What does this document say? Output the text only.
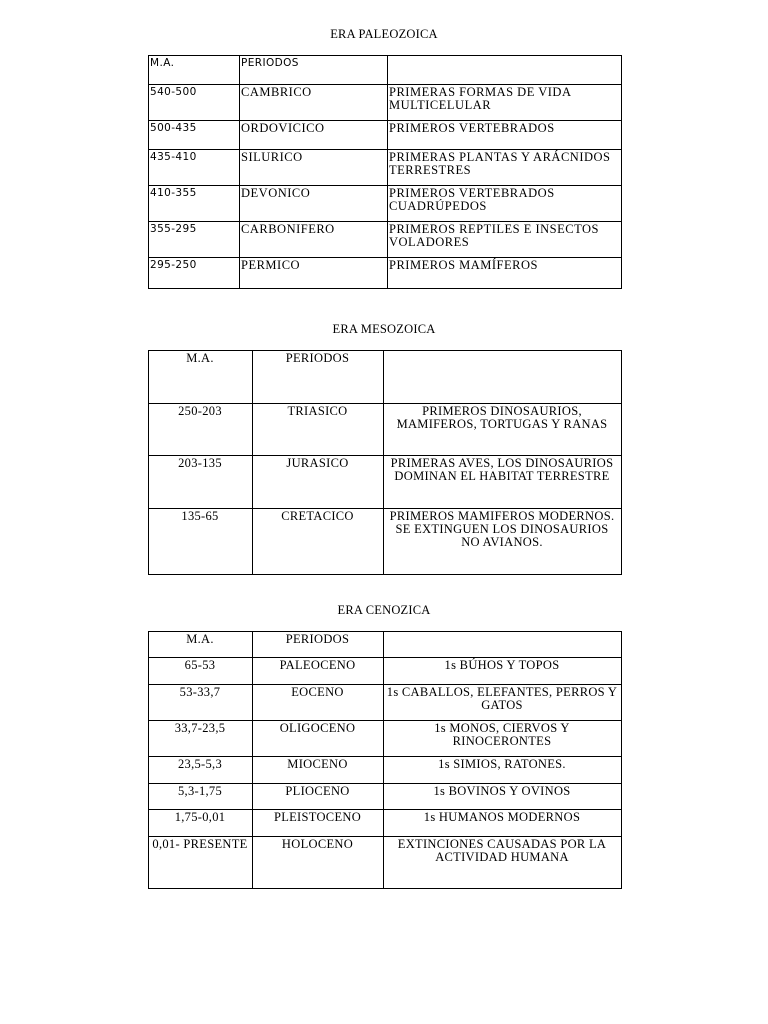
ERA PALEOZOICA
M.A.	PERIODOS	
540-500	CAMBRICO	PRIMERAS FORMAS DE VIDA MULTICELULAR
500-435	ORDOVICICO	PRIMEROS VERTEBRADOS
435-410	SILURICO	PRIMERAS PLANTAS Y ARÁCNIDOS TERRESTRES
410-355	DEVONICO	PRIMEROS VERTEBRADOS CUADRÚPEDOS
355-295	CARBONIFERO	PRIMEROS REPTILES E INSECTOS VOLADORES
295-250	PERMICO	PRIMEROS MAMÍFEROS
ERA MESOZOICA
M.A.	PERIODOS	
250-203	TRIASICO	PRIMEROS DINOSAURIOS, MAMIFEROS, TORTUGAS Y RANAS
203-135	JURASICO	PRIMERAS AVES, LOS DINOSAURIOS DOMINAN EL HABITAT TERRESTRE
135-65	CRETACICO	PRIMEROS MAMIFEROS MODERNOS. SE EXTINGUEN LOS DINOSAURIOS NO AVIANOS.
ERA CENOZICA
M.A.	PERIODOS	
65-53	PALEOCENO	1s BÚHOS Y TOPOS
53-33,7	EOCENO	1s CABALLOS, ELEFANTES, PERROS Y GATOS
33,7-23,5	OLIGOCENO	1s MONOS, CIERVOS Y RINOCERONTES
23,5-5,3	MIOCENO	1s SIMIOS, RATONES.
5,3-1,75	PLIOCENO	1s BOVINOS Y OVINOS
1,75-0,01	PLEISTOCENO	1s HUMANOS MODERNOS
0,01- PRESENTE	HOLOCENO	EXTINCIONES CAUSADAS POR LA ACTIVIDAD HUMANA
